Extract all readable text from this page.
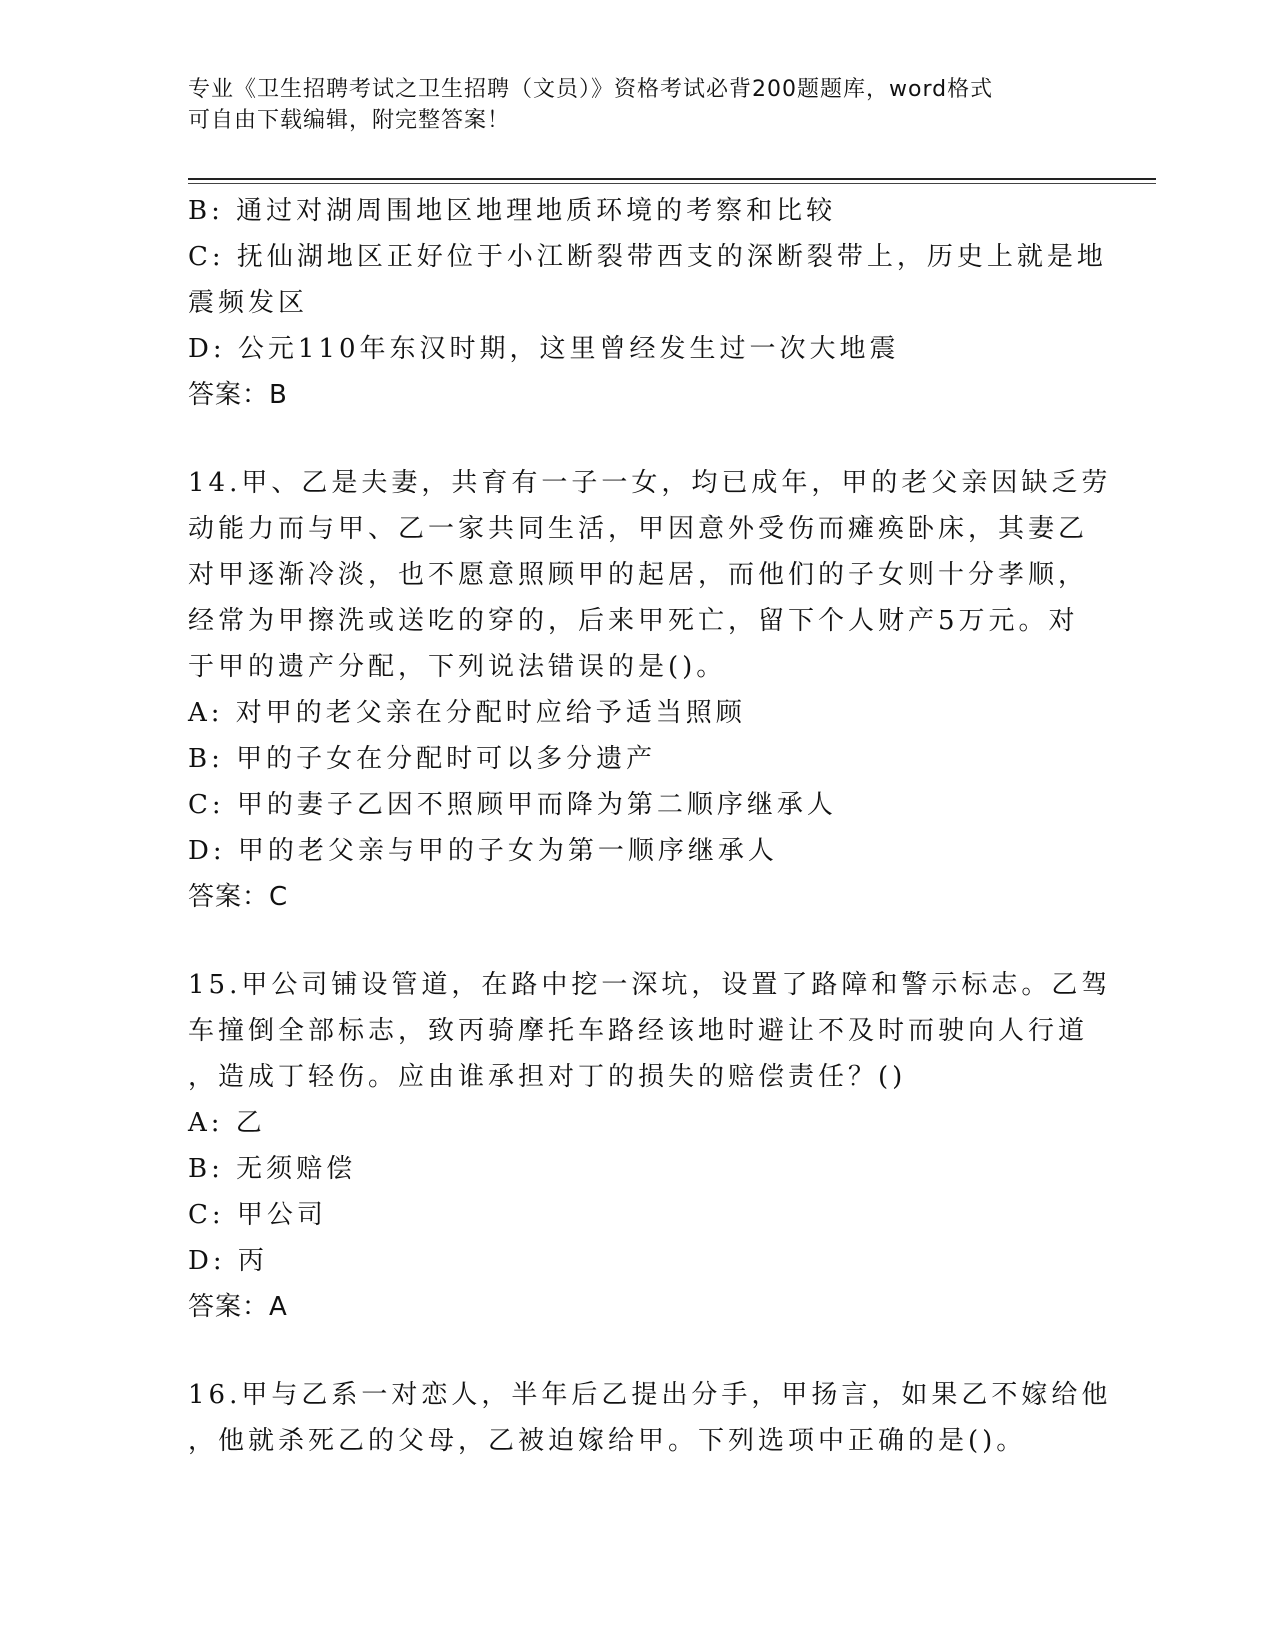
专业《卫生招聘考试之卫生招聘（文员）》资格考试必背200题题库，word格式
可自由下载编辑，附完整答案！
B: 通过对湖周围地区地理地质环境的考察和比较
C: 抚仙湖地区正好位于小江断裂带西支的深断裂带上，历史上就是地
震频发区
D: 公元110年东汉时期，这里曾经发生过一次大地震
答案：B
14.甲、乙是夫妻，共育有一子一女，均已成年，甲的老父亲因缺乏劳
动能力而与甲、乙一家共同生活，甲因意外受伤而瘫痪卧床，其妻乙
对甲逐渐冷淡，也不愿意照顾甲的起居，而他们的子女则十分孝顺，
经常为甲擦洗或送吃的穿的，后来甲死亡，留下个人财产5万元。对
于甲的遗产分配，下列说法错误的是()。
A: 对甲的老父亲在分配时应给予适当照顾
B: 甲的子女在分配时可以多分遗产
C: 甲的妻子乙因不照顾甲而降为第二顺序继承人
D: 甲的老父亲与甲的子女为第一顺序继承人
答案：C
15.甲公司铺设管道，在路中挖一深坑，设置了路障和警示标志。乙驾
车撞倒全部标志，致丙骑摩托车路经该地时避让不及时而驶向人行道
，造成丁轻伤。应由谁承担对丁的损失的赔偿责任？()
A: 乙
B: 无须赔偿
C: 甲公司
D: 丙
答案：A
16.甲与乙系一对恋人，半年后乙提出分手，甲扬言，如果乙不嫁给他
，他就杀死乙的父母，乙被迫嫁给甲。下列选项中正确的是()。
